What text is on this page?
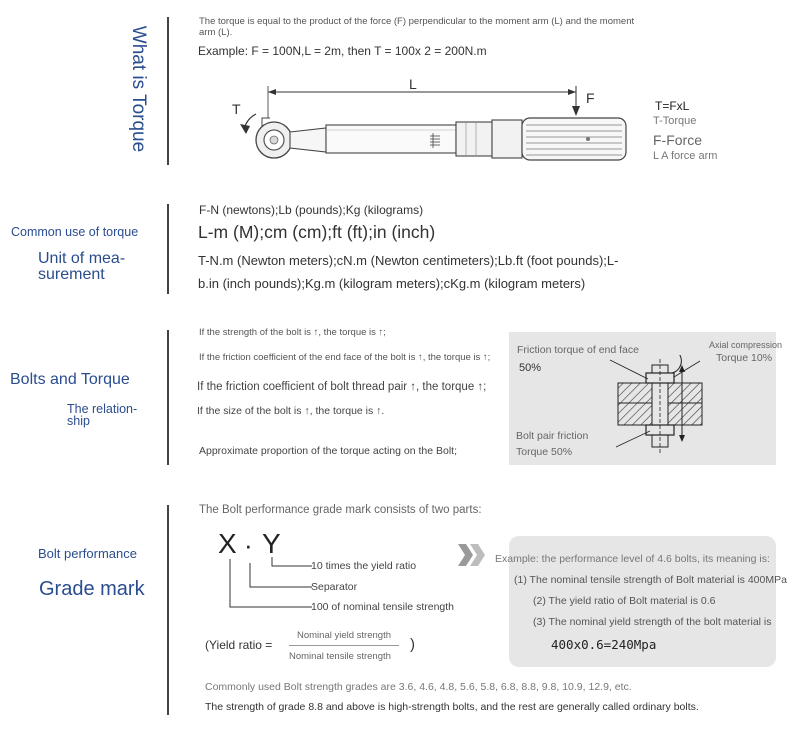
What is Torque
The torque is equal to the product of the force (F) perpendicular to the moment arm (L) and the moment arm (L).
Example: F = 100N,L = 2m, then T = 100x 2 = 200N.m
T
L
F	T=FxL
T-Torque
F-Force
L A force arm
Common use of torque
Unit of mea-
surement
F-N (newtons);Lb (pounds);Kg (kilograms)
L-m (M);cm (cm);ft (ft);in (inch)
T-N.m (Newton meters);cN.m (Newton centimeters);Lb.ft (foot pounds);L-
b.in (inch pounds);Kg.m (kilogram meters);cKg.m (kilogram meters)
Bolts and Torque
The relation-
ship
If the strength of the bolt is ↑, the torque is ↑;
If the friction coefficient of the end face of the bolt is ↑, the torque is ↑;
If the friction coefficient of bolt thread pair ↑, the torque ↑;
If the size of the bolt is ↑, the torque is ↑.
Approximate proportion of the torque acting on the Bolt;
Friction torque of end face
50%
Axial compression
Torque 10%
Bolt pair friction
Torque 50%
Bolt performance
Grade mark
The Bolt performance grade mark consists of two parts:
X · Y
10 times the yield ratio
Separator
100 of nominal tensile strength
(Yield ratio =
Nominal yield strength
Nominal tensile strength
)
Example: the performance level of 4.6 bolts, its meaning is:
(1) The nominal tensile strength of Bolt material is 400MPa
(2) The yield ratio of Bolt material is 0.6
(3) The nominal yield strength of the bolt material is
400x0.6=240Mpa
Commonly used Bolt strength grades are 3.6, 4.6, 4.8, 5.6, 5.8, 6.8, 8.8, 9.8, 10.9, 12.9, etc.
The strength of grade 8.8 and above is high-strength bolts, and the rest are generally called ordinary bolts.
